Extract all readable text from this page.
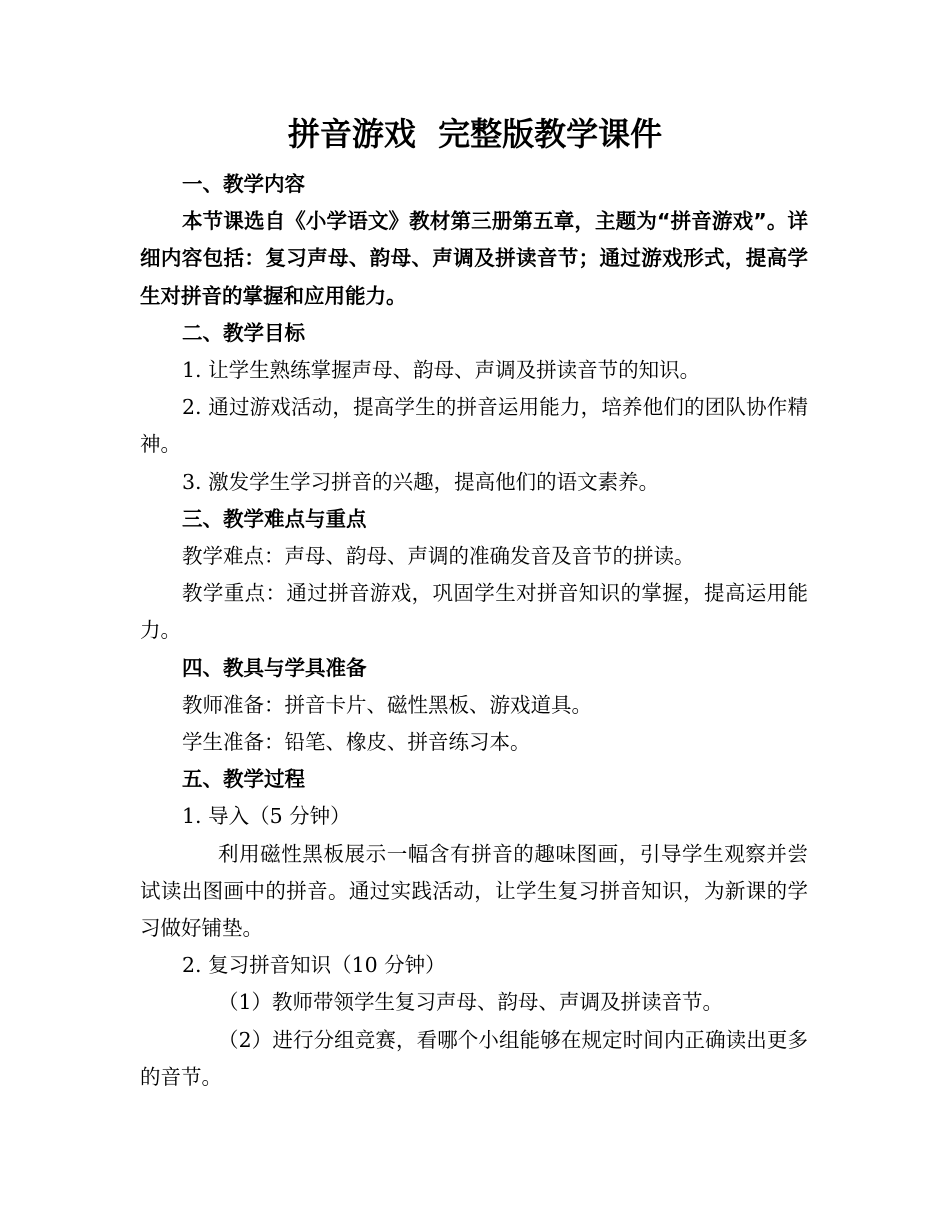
拼音游戏  完整版教学课件

一、教学内容

本节课选自《小学语文》教材第三册第五章，主题为“拼音游戏”。详细内容包括：复习声母、韵母、声调及拼读音节；通过游戏形式，提高学生对拼音的掌握和应用能力。

二、教学目标

1. 让学生熟练掌握声母、韵母、声调及拼读音节的知识。

2. 通过游戏活动，提高学生的拼音运用能力，培养他们的团队协作精神。

3. 激发学生学习拼音的兴趣，提高他们的语文素养。

三、教学难点与重点

教学难点：声母、韵母、声调的准确发音及音节的拼读。

教学重点：通过拼音游戏，巩固学生对拼音知识的掌握，提高运用能力。

四、教具与学具准备

教师准备：拼音卡片、磁性黑板、游戏道具。

学生准备：铅笔、橡皮、拼音练习本。

五、教学过程

1. 导入（5 分钟）

利用磁性黑板展示一幅含有拼音的趣味图画，引导学生观察并尝试读出图画中的拼音。通过实践活动，让学生复习拼音知识，为新课的学习做好铺垫。

2. 复习拼音知识（10 分钟）

（1）教师带领学生复习声母、韵母、声调及拼读音节。

（2）进行分组竞赛，看哪个小组能够在规定时间内正确读出更多的音节。
